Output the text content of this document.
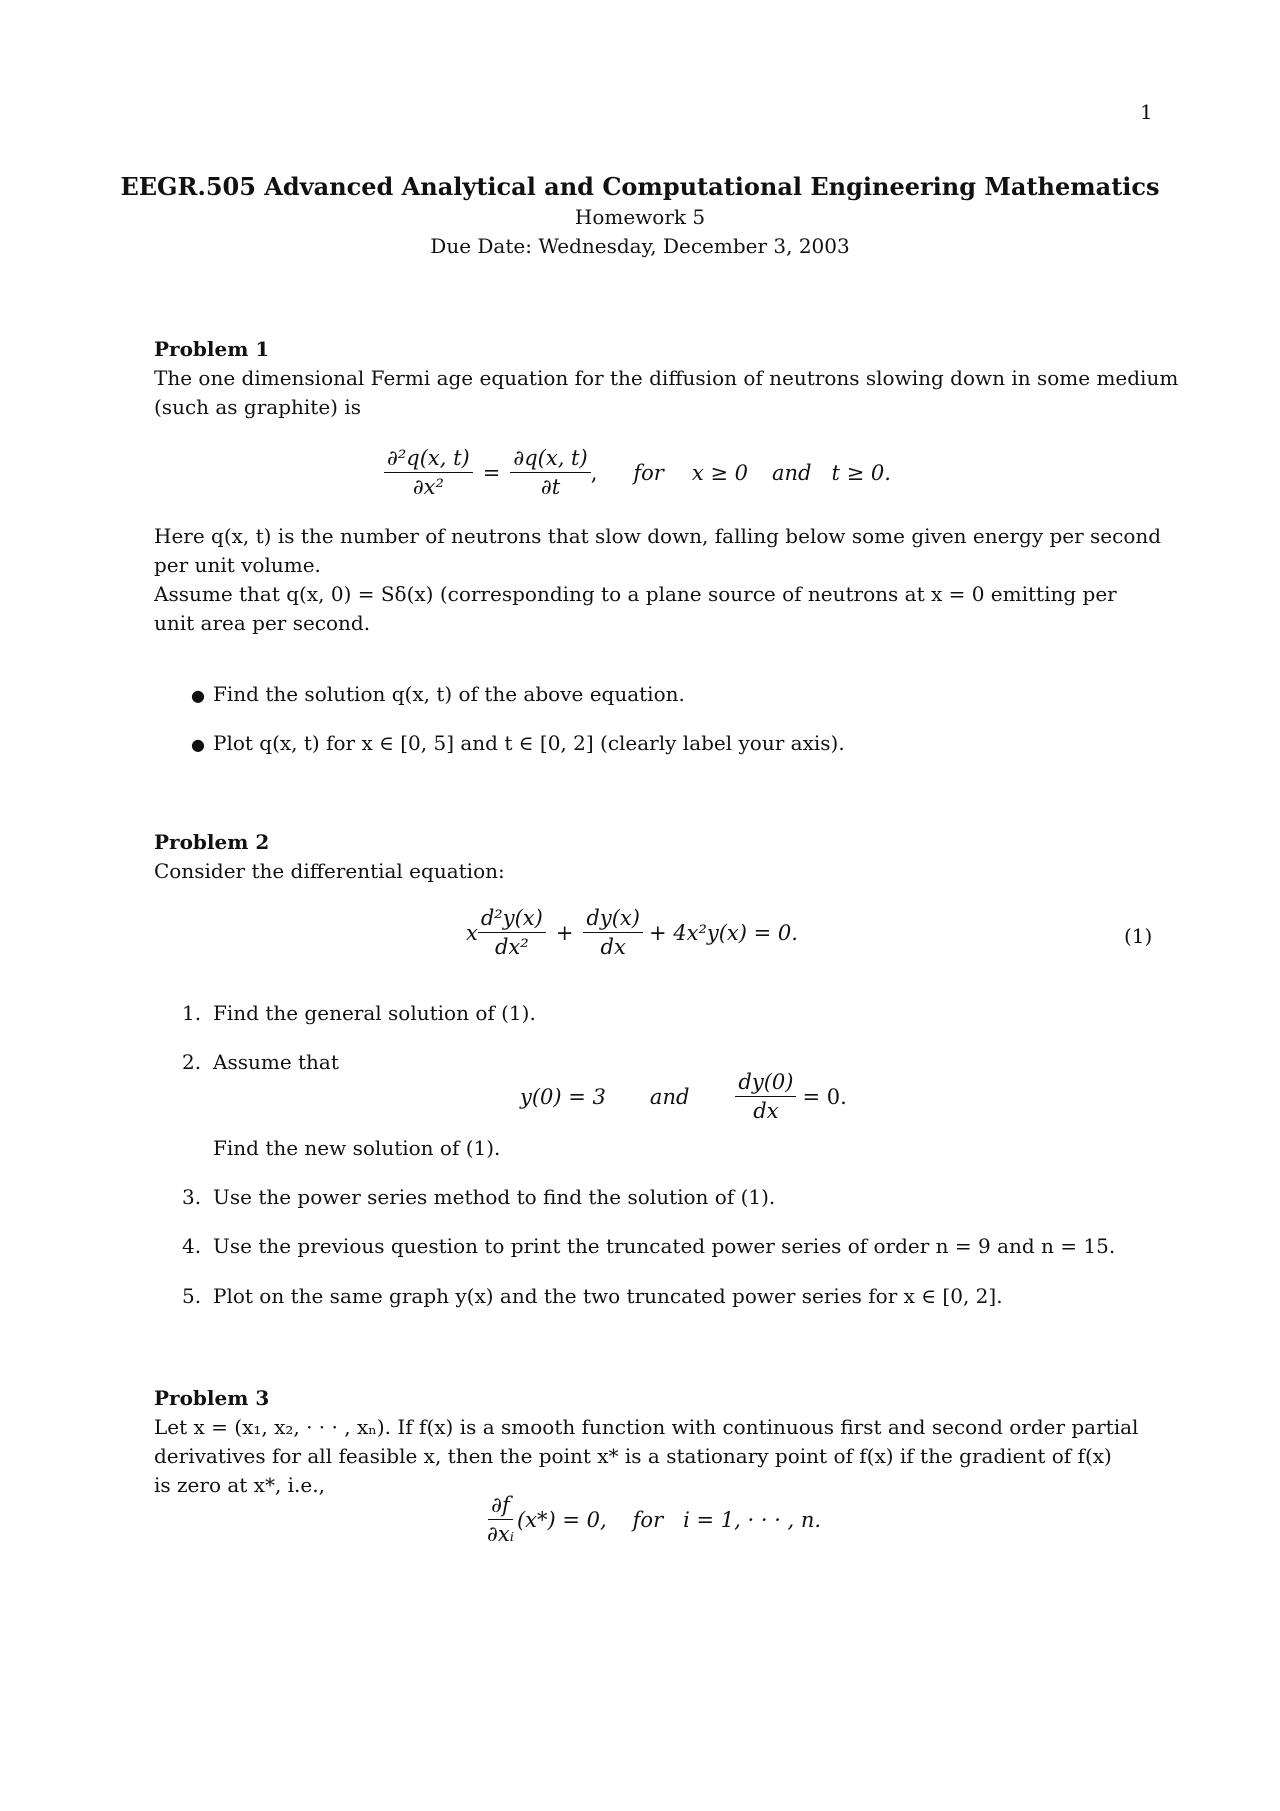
1
EEGR.505 Advanced Analytical and Computational Engineering Mathematics
Homework 5
Due Date: Wednesday, December 3, 2003
Problem 1
The one dimensional Fermi age equation for the diffusion of neutrons slowing down in some medium
(such as graphite) is
$\frac{\text{∂²q(x, t)}}{\text{∂x²}} = \frac{\partial q(x, t)}{\partial t}$ , for x ≥ 0 and t ≥ 0.
Here q(x, t) is the number of neutrons that slow down, falling below some given energy per second
per unit volume.
Assume that q(x, 0) = Sδ(x) (corresponding to a plane source of neutrons at x = 0 emitting per
unit area per second.
● Find the solution q(x, t) of the above equation.
● Plot q(x, t) for x ∈ [0, 5] and t ∈ [0, 2] (clearly label your axis).
Problem 2
Consider the differential equation:
x $\frac{\text{d²y(x)}}{\text{dx²}} + \frac{dy(x)}{dx} + 4x^2y(x) = 0$.	(1)
1. Find the general solution of (1).
2. Assume that
y(0) = 3 and $\frac{dy(0)}{dx} = 0$.
Find the new solution of (1).
3. Use the power series method to find the solution of (1).
4. Use the previous question to print the truncated power series of order n = 9 and n = 15.
5. Plot on the same graph y(x) and the two truncated power series for x ∈ [0, 2].
Problem 3
Let x = (x₁, x₂, · · · , xₙ). If f(x) is a smooth function with continuous first and second order partial
derivatives for all feasible x, then the point x* is a stationary point of f(x) if the gradient of f(x)
is zero at x*, i.e.,
$\frac{\partial f}{\text{∂xᵢ}} (x*) = 0$, for i = 1, · · · , n.
